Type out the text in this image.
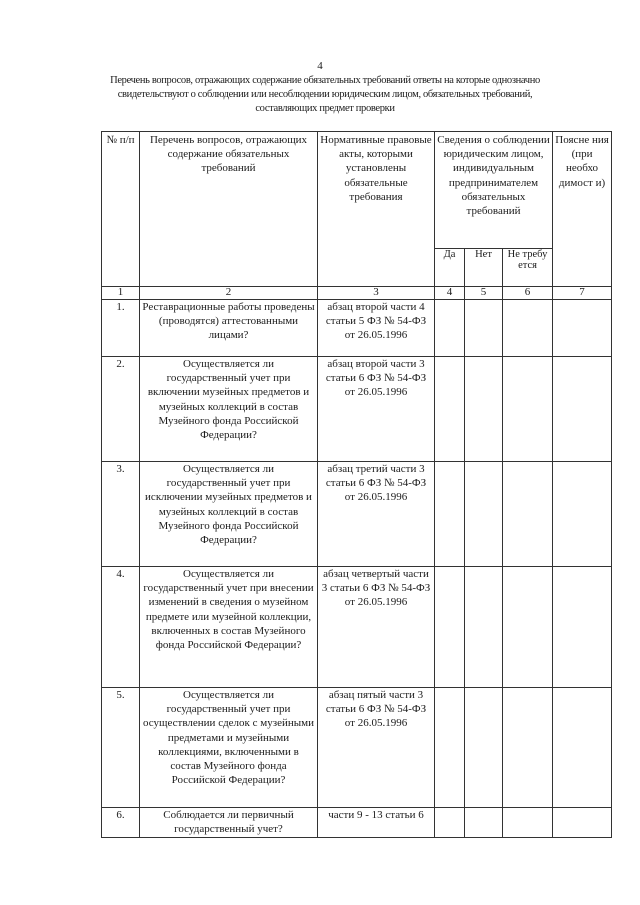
4
Перечень вопросов, отражающих содержание обязательных требований ответы на которые однозначно
свидетельствуют о соблюдении или несоблюдении юридическим лицом, обязательных требований,
составляющих предмет проверки
№ п/п	Перечень вопросов, отражающих содержание обязательных требований	Нормативные правовые акты, которыми установлены обязательные требования	Сведения о соблюдении юридическим лицом, индивидуальным предпринимателем обязательных требований			Поясне ния (при необхо димост и)
			Да	Нет	Не требу ется	
1	2	3	4	5	6	7
1.	Реставрационные работы проведены (проводятся) аттестованными лицами?	абзац второй части 4 статьи 5 ФЗ № 54-ФЗ от 26.05.1996				
2.	Осуществляется ли государственный учет при включении музейных предметов и музейных коллекций в состав Музейного фонда Российской Федерации?	абзац второй части 3 статьи 6 ФЗ № 54-ФЗ от 26.05.1996				
3.	Осуществляется ли государственный учет при исключении музейных предметов и музейных коллекций в состав Музейного фонда Российской Федерации?	абзац третий части 3 статьи 6 ФЗ № 54-ФЗ от 26.05.1996				
4.	Осуществляется ли государственный учет при внесении изменений в сведения о музейном предмете или музейной коллекции, включенных в состав Музейного фонда Российской Федерации?	абзац четвертый части 3 статьи 6 ФЗ № 54-ФЗ от 26.05.1996				
5.	Осуществляется ли государственный учет при осуществлении сделок с музейными предметами и музейными коллекциями, включенными в состав Музейного фонда Российской Федерации?	абзац пятый части 3 статьи 6 ФЗ № 54-ФЗ от 26.05.1996				
6.	Соблюдается ли первичный государственный учет?	части 9 - 13 статьи 6				
